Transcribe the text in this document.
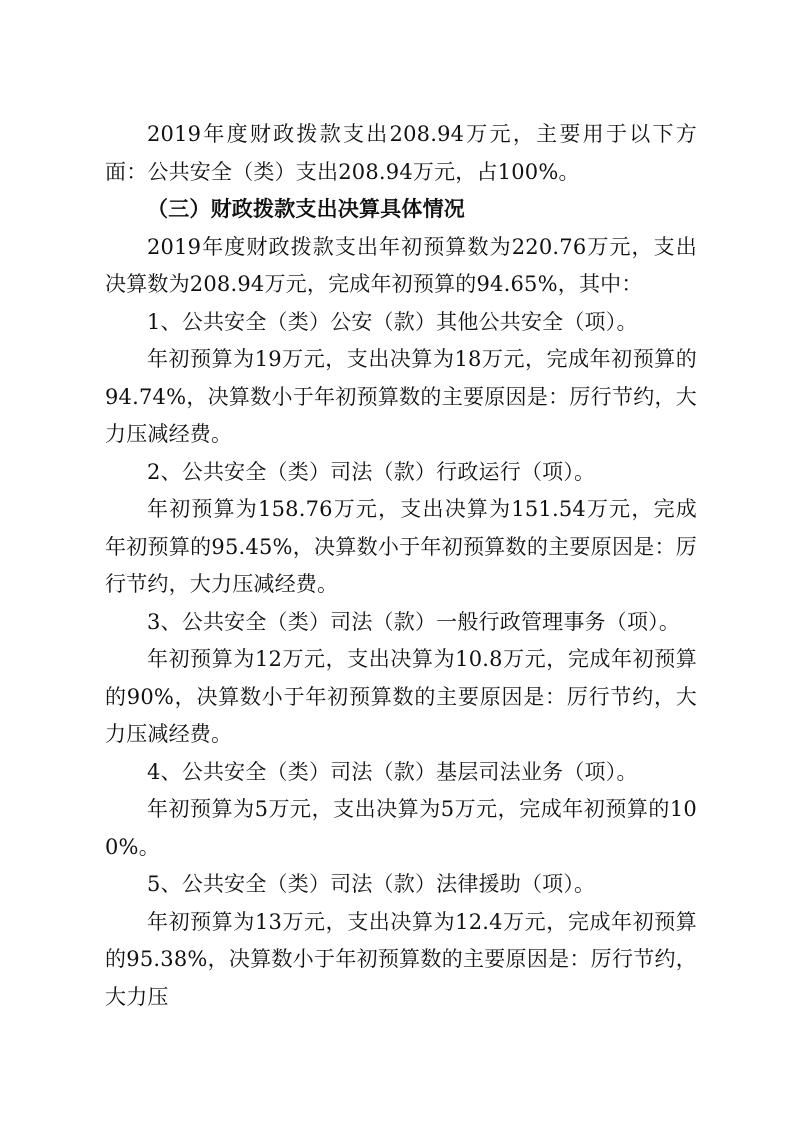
2019年度财政拨款支出208.94万元，主要用于以下方面：公共安全（类）支出208.94万元，占100%。

（三）财政拨款支出决算具体情况

2019年度财政拨款支出年初预算数为220.76万元，支出决算数为208.94万元，完成年初预算的94.65%，其中：

1、公共安全（类）公安（款）其他公共安全（项）。

年初预算为19万元，支出决算为18万元，完成年初预算的94.74%，决算数小于年初预算数的主要原因是：厉行节约，大力压减经费。

2、公共安全（类）司法（款）行政运行（项）。

年初预算为158.76万元，支出决算为151.54万元，完成年初预算的95.45%，决算数小于年初预算数的主要原因是：厉行节约，大力压减经费。

3、公共安全（类）司法（款）一般行政管理事务（项）。

年初预算为12万元，支出决算为10.8万元，完成年初预算的90%，决算数小于年初预算数的主要原因是：厉行节约，大力压减经费。

4、公共安全（类）司法（款）基层司法业务（项）。

年初预算为5万元，支出决算为5万元，完成年初预算的100%。

5、公共安全（类）司法（款）法律援助（项）。

年初预算为13万元，支出决算为12.4万元，完成年初预算的95.38%，决算数小于年初预算数的主要原因是：厉行节约，大力压
